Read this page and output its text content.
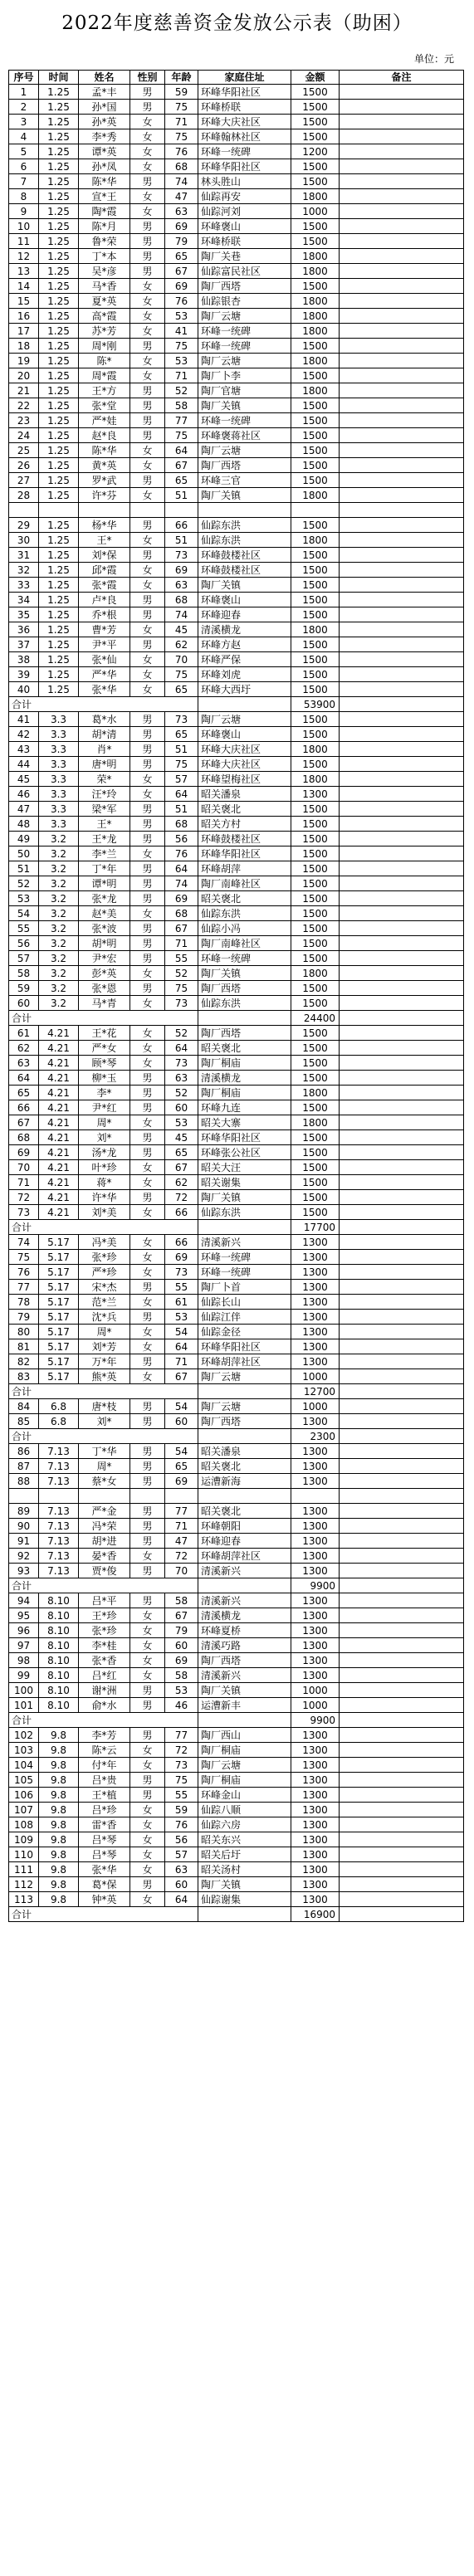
2022年度慈善资金发放公示表（助困）
单位：元
序号	时间	姓名	性别	年龄	家庭住址	金额	备注
1	1.25	孟*丰	男	59	环峰华阳社区	1500	
2	1.25	孙*国	男	75	环峰桥联	1500	
3	1.25	孙*英	女	71	环峰大庆社区	1500	
4	1.25	李*秀	女	75	环峰翰林社区	1500	
5	1.25	谭*英	女	76	环峰一统碑	1200	
6	1.25	孙*凤	女	68	环峰华阳社区	1500	
7	1.25	陈*华	男	74	林头胜山	1500	
8	1.25	宣*王	女	47	仙踪再安	1800	
9	1.25	陶*霞	女	63	仙踪河刘	1000	
10	1.25	陈*月	男	69	环峰褒山	1500	
11	1.25	鲁*荣	男	79	环峰桥联	1500	
12	1.25	丁*本	男	65	陶厂关巷	1800	
13	1.25	吴*彦	男	67	仙踪富民社区	1800	
14	1.25	马*香	女	69	陶厂西塔	1500	
15	1.25	夏*英	女	76	仙踪银杏	1800	
16	1.25	高*霞	女	53	陶厂云塘	1800	
17	1.25	苏*芳	女	41	环峰一统碑	1800	
18	1.25	周*刚	男	75	环峰一统碑	1500	
19	1.25	陈*	女	53	陶厂云塘	1800	
20	1.25	周*霞	女	71	陶厂卜李	1500	
21	1.25	王*方	男	52	陶厂官塘	1800	
22	1.25	张*堂	男	58	陶厂关镇	1500	
23	1.25	严*娃	男	77	环峰一统碑	1500	
24	1.25	赵*良	男	75	环峰褒蒋社区	1500	
25	1.25	陈*华	女	64	陶厂云塘	1500	
26	1.25	黄*英	女	67	陶厂西塔	1500	
27	1.25	罗*武	男	65	环峰三官	1500	
28	1.25	许*芬	女	51	陶厂关镇	1800	

29	1.25	杨*华	男	66	仙踪东洪	1500	
30	1.25	王*	女	51	仙踪东洪	1800	
31	1.25	刘*保	男	73	环峰鼓楼社区	1500	
32	1.25	邱*霞	女	69	环峰鼓楼社区	1500	
33	1.25	张*霞	女	63	陶厂关镇	1500	
34	1.25	卢*良	男	68	环峰褒山	1500	
35	1.25	乔*根	男	74	环峰迎春	1500	
36	1.25	曹*芳	女	45	清溪横龙	1800	
37	1.25	尹*平	男	62	环峰方赵	1500	
38	1.25	张*仙	女	70	环峰严保	1500	
39	1.25	严*华	女	75	环峰刘虎	1500	
40	1.25	张*华	女	65	环峰大西圩	1500	
合计						53900	
41	3.3	葛*水	男	73	陶厂云塘	1500	
42	3.3	胡*清	男	65	环峰褒山	1500	
43	3.3	肖*	男	51	环峰大庆社区	1800	
44	3.3	唐*明	男	75	环峰大庆社区	1500	
45	3.3	荣*	女	57	环峰望梅社区	1800	
46	3.3	汪*玲	女	64	昭关潘泉	1300	
47	3.3	梁*军	男	51	昭关褒北	1500	
48	3.3	王*	男	68	昭关方村	1500	
49	3.2	王*龙	男	56	环峰鼓楼社区	1500	
50	3.2	李*兰	女	76	环峰华阳社区	1500	
51	3.2	丁*年	男	64	环峰胡萍	1500	
52	3.2	谭*明	男	74	陶厂南峰社区	1500	
53	3.2	张*龙	男	69	昭关褒北	1500	
54	3.2	赵*美	女	68	仙踪东洪	1500	
55	3.2	张*波	男	67	仙踪小冯	1500	
56	3.2	胡*明	男	71	陶厂南峰社区	1500	
57	3.2	尹*宏	男	55	环峰一统碑	1500	
58	3.2	彭*英	女	52	陶厂关镇	1800	
59	3.2	张*恩	男	75	陶厂西塔	1500	
60	3.2	马*青	女	73	仙踪东洪	1500	
合计						24400	
61	4.21	王*花	女	52	陶厂西塔	1500	
62	4.21	严*女	女	64	昭关褒北	1500	
63	4.21	顾*琴	女	73	陶厂桐庙	1500	
64	4.21	柳*玉	男	63	清溪横龙	1500	
65	4.21	李*	男	52	陶厂桐庙	1800	
66	4.21	尹*红	男	60	环峰九连	1500	
67	4.21	周*	女	53	昭关大寨	1800	
68	4.21	刘*	男	45	环峰华阳社区	1500	
69	4.21	汤*龙	男	65	环峰张公社区	1500	
70	4.21	叶*珍	女	67	昭关大汪	1500	
71	4.21	蒋*	女	62	昭关谢集	1500	
72	4.21	许*华	男	72	陶厂关镇	1500	
73	4.21	刘*美	女	66	仙踪东洪	1500	
合计						17700	
74	5.17	冯*美	女	66	清溪新兴	1300	
75	5.17	张*珍	女	69	环峰一统碑	1300	
76	5.17	严*珍	女	73	环峰一统碑	1300	
77	5.17	宋*杰	男	55	陶厂卜首	1300	
78	5.17	范*兰	女	61	仙踪长山	1300	
79	5.17	沈*兵	男	53	仙踪江伴	1300	
80	5.17	周*	女	54	仙踪金径	1300	
81	5.17	刘*芳	女	64	环峰华阳社区	1300	
82	5.17	万*年	男	71	环峰胡萍社区	1300	
83	5.17	熊*英	女	67	陶厂云塘	1000	
合计						12700	
84	6.8	唐*枝	男	54	陶厂云塘	1000	
85	6.8	刘*	男	60	陶厂西塔	1300	
合计						2300	
86	7.13	丁*华	男	54	昭关潘泉	1300	
87	7.13	周*	男	65	昭关褒北	1300	
88	7.13	蔡*女	男	69	运漕新海	1300	

89	7.13	严*金	男	77	昭关褒北	1300	
90	7.13	冯*荣	男	71	环峰朝阳	1300	
91	7.13	胡*进	男	47	环峰迎春	1300	
92	7.13	晏*香	女	72	环峰胡萍社区	1300	
93	7.13	贾*俊	男	70	清溪新兴	1300	
合计						9900	
94	8.10	吕*平	男	58	清溪新兴	1300	
95	8.10	王*珍	女	67	清溪横龙	1300	
96	8.10	张*珍	女	79	环峰夏桥	1300	
97	8.10	李*桂	女	60	清溪巧路	1300	
98	8.10	张*香	女	69	陶厂西塔	1300	
99	8.10	吕*红	女	58	清溪新兴	1300	
100	8.10	谢*洲	男	53	陶厂关镇	1000	
101	8.10	俞*水	男	46	运漕新丰	1000	
合计						9900	
102	9.8	李*芳	男	77	陶厂西山	1300	
103	9.8	陈*云	女	72	陶厂桐庙	1300	
104	9.8	付*年	女	73	陶厂云塘	1300	
105	9.8	吕*贵	男	75	陶厂桐庙	1300	
106	9.8	王*植	男	55	环峰金山	1300	
107	9.8	吕*珍	女	59	仙踪八顺	1300	
108	9.8	雷*香	女	76	仙踪六房	1300	
109	9.8	吕*琴	女	56	昭关东兴	1300	
110	9.8	吕*琴	女	57	昭关后圩	1300	
111	9.8	张*华	女	63	昭关汤村	1300	
112	9.8	葛*保	男	60	陶厂关镇	1300	
113	9.8	钟*英	女	64	仙踪谢集	1300	
合计						16900	
